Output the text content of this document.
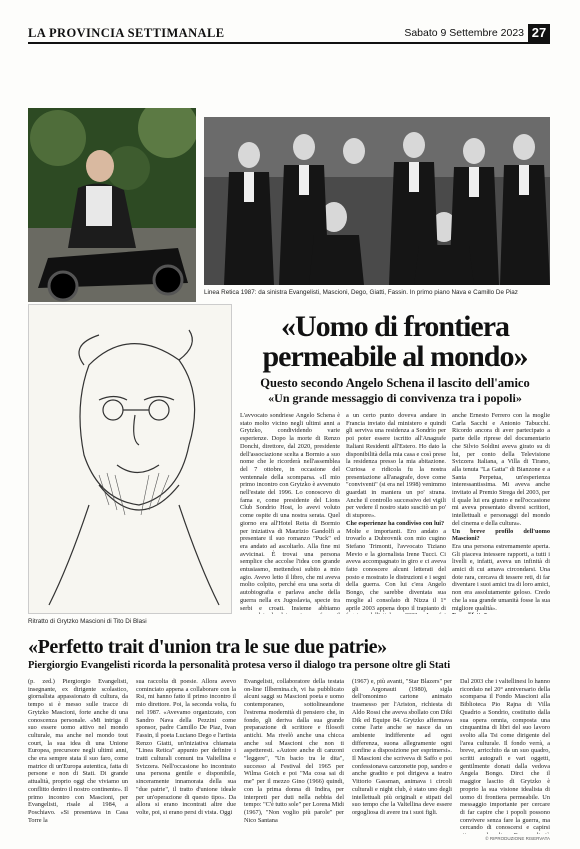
LA PROVINCIA SETTIMANALE	Sabato 9 Settembre 2023 27
Linea Retica 1987: da sinistra Evangelisti, Mascioni, Dego, Giatti, Fassin. In primo piano Nava e Camillo De Piaz
Ritratto di Grytzko Mascioni di Tito Di Blasi
«Uomo di frontiera permeabile al mondo»
Questo secondo Angelo Schena il lascito dell'amico
«Un grande messaggio di convivenza tra i popoli»

L'avvocato sondriese Angelo Schena è stato molto vicino negli ultimi anni a Grytzko, condividendo varie esperienze. Dopo la morte di Renzo Donchi, direttore, dal 2020, presidente dell'associazione scelta a Bormio a suo nome che le ricorderà nell'assemblea del 7 ottobre, in occasione del ventennale della scomparsa. «Il mio primo incontro con Grytzko è avvenuto nell'estate del 1996. Lo conoscevo di fama e, come presidente del Lions Club Sondrio Host, lo avevi voluto come ospite di una nostra serata. Quel giorno era all'Hotel Reita di Bormio per iniziativa di Maurizio Gandolfi a presentare il suo romanzo "Puck" ed era andato ad ascoltarlo. Alla fine mi avvicinai. È trovai una persona semplice che accolse l'idea con grande entusiasmo, mettendosi subito a mio agio. Avevo letto il libro, che mi aveva molto colpito, perché era una sorta di autobiografia e parlava anche della guerra nella ex Jugoslavia, specie tra serbi e croati. Insieme abbiamo

a un certo punto doveva andare in Francia inviato dal ministero e quindi gli serviva una residenza a Sondrio per poi poter essere iscritto all'Anagrafe Italiani Residenti all'Estero. Ho dato la disponibilità della mia casa e così prese la residenza presso la mia abitazione. Curiosa e ridicola fu la nostra presentazione all'anagrafe, dove come "conviventi" (si era nel 1998) venimmo guardati in maniera un po' strana. Anche il controllo successivo dei vigili per vedere il nostro stato suscitò un po' di stupore».

Che esperienze ha condiviso con lui?

Molte e importanti. Ero andato a trovarlo a Dubrovnik con mio cugino Stefano Trimonti, l'avvocato Tiziano Mevio e la giornalista Irene Tucci. Ci aveva accompagnato in giro e ci aveva fatto conoscere alcuni letterati del posto e mostrato le distruzioni e i segni della guerra. Con lui c'era Angelo Bongo, che sarebbe diventata sua moglie al consolato di Nizza il 1° aprile 2003 appena dopo il trapianto di

anche Ernesto Ferrero con la moglie Carla Sacchi e Antonio Tabucchi. Ricordo ancora di aver partecipato a parte delle riprese del documentario che Silvio Soldini aveva girato su di lui, per conto della Televisione Svizzera Italiana, a Villa di Tirano, alla tenuta "La Gatta" di Bianzone e a Santa Perpetua, un'esperienza interessantissima. Mi aveva anche invitato al Premio Strega del 2003, per il quale lui era giunto e nell'occasione mi aveva presentato diversi scrittori, intellettuali e personaggi del mondo del cinema e della cultura».

Un breve profilo dell'uomo Mascioni?

Era una persona estremamente aperta. Gli piaceva intessere rapporti, a tutti i livelli e, infatti, aveva un infinità di amici di cui amava circondarsi. Una dote rara, cercava di tessere reti, di far diventare i suoi amici tra di loro amici, non era assolutamente geloso. Credo che la sua grande umanità fosse la sua migliore qualità».

«Perfetto trait d'union tra le sue due patrie»
Piergiorgio Evangelisti ricorda la personalità protesa verso il dialogo tra persone oltre gli Stati

(p. zed.) Piergiorgio Evangelisti, insegnante, ex dirigente scolastico, giornalista appassionato di cultura, da tempo si è messo sulle tracce di Grytzko Mascioni, forte anche di una conoscenza personale. «Mi intriga il suo essere uomo attivo nel mondo culturale, ma anche nel mondo tout court, la sua idea di una Unione Europea, precursore negli ultimi anni, che era sempre stata il suo faro, come matrice di un'Europa autentica, fatta di persone e non di Stati. Di grande attualità, proprio oggi che viviamo un conflitto dentro il nostro continente». Il primo incontro con Mascioni, per Evangelisti, risale al 1984, a Poschiavo. «Si presentava in Casa Torre la

sua raccolta di poesie. Allora avevo cominciato appena a collaborare con la Rsi, mi hanno fatto il primo incontro il mio direttore. Poi, la seconda volta, fu nel 1987. «Avevamo organizzato, con Sandro Nava della Pezzini come sponsor, padre Camillo De Piaz, Ivan Fassin, il poeta Luciano Dego e l'artista Renzo Giatti, un'iniziativa chiamata "Linea Retica" appunto per definire i tratti culturali comuni tra Valtellina e Svizzera. Nell'occasione ho incontrato una persona gentile e disponibile, sinceramente innamorata della sua "due patrie", il tratto d'unione ideale per un'operazione di questo tipo». Da allora si erano incontrati altre due volte, poi, si erano persi di vista. Oggi

Evangelisti, collaboratore della testata on-line Illbernina.ch, vi ha pubblicato alcuni saggi su Mascioni poeta e uomo contemporaneo, sottolineandone l'estrema modernità di pensiero che, in fondo, gli deriva dalla sua grande preparazione di scrittore e filosofi antichi. Ma rivelò anche una chicca anche sul Mascioni che non ti aspetteresti. «Autore anche di canzoni "leggere", "Un bacio tra le dita", successo al Festival del 1965 per Wilma Goich e poi "Ma cosa sai di me" per il mezzo Gino (1966) quindi, con la prima donna di Indira, per interpreti per duti nella nebbia del tempo: "C'è tutto sole" per Lorena Midi (1967), "Non voglio più parole" per Nico Santana

(1967) e, più avanti, "Star Blazers" per gli Argonauti (1980), sigla dell'omonimo cartone animato trasmesso per l'Ariston, richiesta di Aldo Rossi che aveva sbollato con Diki Dik ed Equipe 84. Grytzko affermava come l'arte anche se nasce da un ambiente indifferente ad ogni differenza, suona allegramente ogni confine a disposizione per esprimersi». Il Mascioni che scriveva di Saffo e poi confessionava canzonette pop, sandro e anche gradito e poi dirigeva a teatro Vittorio Gassman, animava i circoli culturali e night club, è stato uno degli intellettuali più originali e stipati del suo tempo che la Valtellina deve essere orgogliosa di avere tra i suoi figli.

Dal 2003 che i valtellinesi lo hanno ricordato nel 20° anniversario della scomparsa il Fondo Mascioni alla Biblioteca Pio Rajna di Villa Quadrio a Sondrio, costituito dalla sua opera omnia, composta una cinquantina di libri del suo lavoro svolto alla Tsi come dirigente del l'area culturale. Il fondo verrà, a breve, arricchito da un suo quadro, scritti autografi e vari oggetti, gentilmente donati dalla vedova Angela Bongo. Dirci che il maggior lascito di Grytzko è proprio la sua visione idealista di uomo di frontiera permeabile. Un messaggio importante per cercare di far capire che i popoli possono convivere senza fare la guerra, ma cercando di conoscersi e capirsi

© RIPRODUZIONE RISERVATA
